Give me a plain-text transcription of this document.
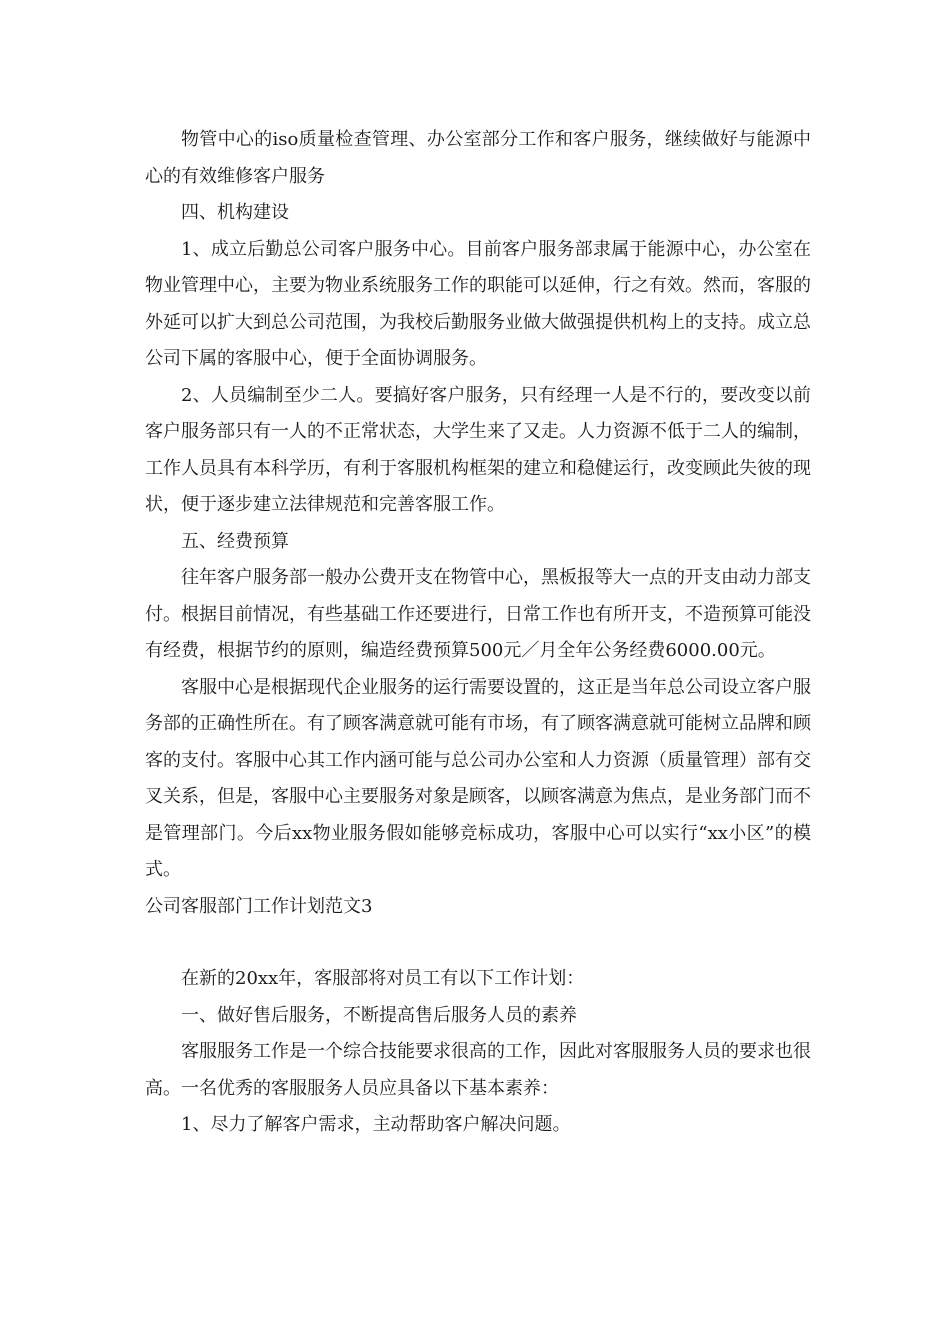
物管中心的iso质量检查管理、办公室部分工作和客户服务，继续做好与能源中心的有效维修客户服务

四、机构建设

1、成立后勤总公司客户服务中心。目前客户服务部隶属于能源中心，办公室在物业管理中心，主要为物业系统服务工作的职能可以延伸，行之有效。然而，客服的外延可以扩大到总公司范围，为我校后勤服务业做大做强提供机构上的支持。成立总公司下属的客服中心，便于全面协调服务。

2、人员编制至少二人。要搞好客户服务，只有经理一人是不行的，要改变以前客户服务部只有一人的不正常状态，大学生来了又走。人力资源不低于二人的编制，工作人员具有本科学历，有利于客服机构框架的建立和稳健运行，改变顾此失彼的现状，便于逐步建立法律规范和完善客服工作。

五、经费预算

往年客户服务部一般办公费开支在物管中心，黑板报等大一点的开支由动力部支付。根据目前情况，有些基础工作还要进行，日常工作也有所开支，不造预算可能没有经费，根据节约的原则，编造经费预算500元／月全年公务经费6000.00元。

客服中心是根据现代企业服务的运行需要设置的，这正是当年总公司设立客户服务部的正确性所在。有了顾客满意就可能有市场，有了顾客满意就可能树立品牌和顾客的支付。客服中心其工作内涵可能与总公司办公室和人力资源（质量管理）部有交叉关系，但是，客服中心主要服务对象是顾客，以顾客满意为焦点，是业务部门而不是管理部门。今后xx物业服务假如能够竞标成功，客服中心可以实行“xx小区”的模式。

公司客服部门工作计划范文3

在新的20xx年，客服部将对员工有以下工作计划：

一、做好售后服务，不断提高售后服务人员的素养

客服服务工作是一个综合技能要求很高的工作，因此对客服服务人员的要求也很高。一名优秀的客服服务人员应具备以下基本素养：

1、尽力了解客户需求，主动帮助客户解决问题。
